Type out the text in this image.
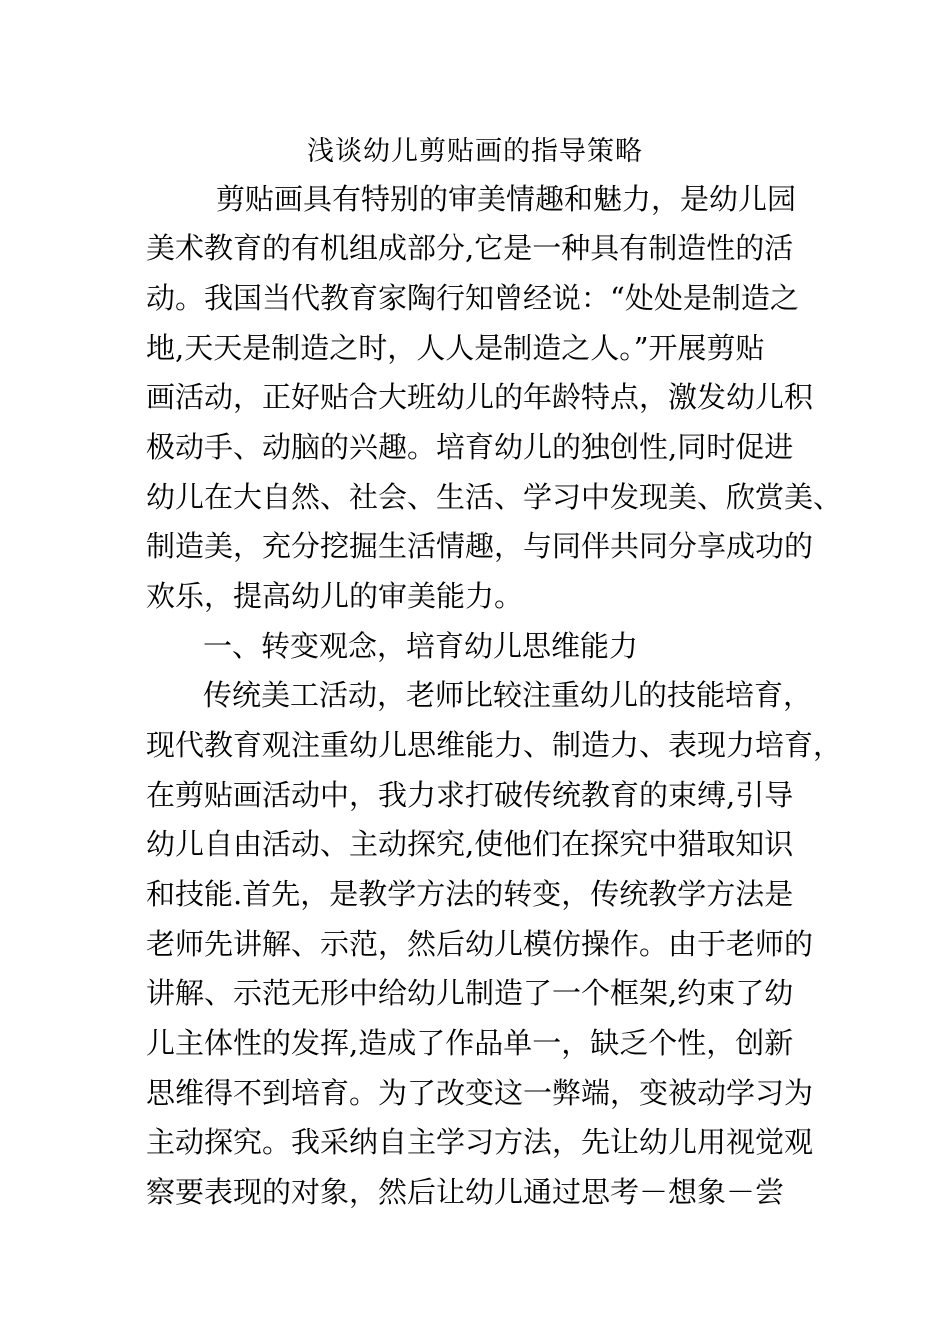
浅谈幼儿剪贴画的指导策略

剪贴画具有特别的审美情趣和魅力，是幼儿园

美术教育的有机组成部分,它是一种具有制造性的活

动。我国当代教育家陶行知曾经说：“处处是制造之

地,天天是制造之时，人人是制造之人。”开展剪贴

画活动，正好贴合大班幼儿的年龄特点，激发幼儿积

极动手、动脑的兴趣。培育幼儿的独创性,同时促进

幼儿在大自然、社会、生活、学习中发现美、欣赏美、

制造美，充分挖掘生活情趣，与同伴共同分享成功的

欢乐，提高幼儿的审美能力。

一、转变观念，培育幼儿思维能力

传统美工活动，老师比较注重幼儿的技能培育，

现代教育观注重幼儿思维能力、制造力、表现力培育，

在剪贴画活动中，我力求打破传统教育的束缚,引导

幼儿自由活动、主动探究,使他们在探究中猎取知识

和技能.首先，是教学方法的转变，传统教学方法是

老师先讲解、示范，然后幼儿模仿操作。由于老师的

讲解、示范无形中给幼儿制造了一个框架,约束了幼

儿主体性的发挥,造成了作品单一，缺乏个性，创新

思维得不到培育。为了改变这一弊端，变被动学习为

主动探究。我采纳自主学习方法，先让幼儿用视觉观

察要表现的对象，然后让幼儿通过思考－想象－尝
